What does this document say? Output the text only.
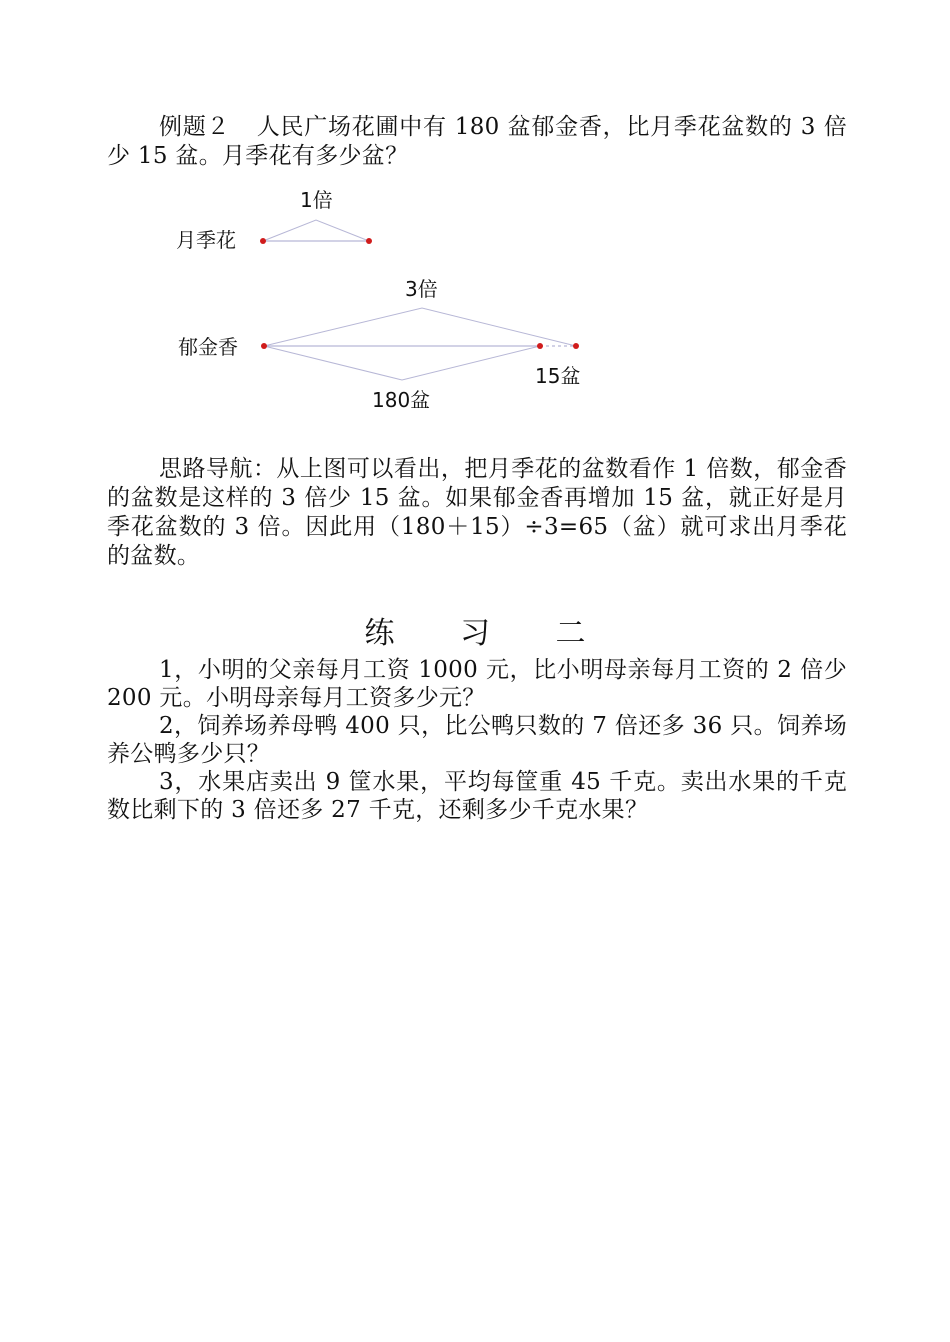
例题２ 人民广场花圃中有 180 盆郁金香，比月季花盆数的 3 倍少 15 盆。月季花有多少盆？

月季花
1倍
3倍
郁金香
15盆
180盆

思路导航：从上图可以看出，把月季花的盆数看作 1 倍数，郁金香的盆数是这样的 3 倍少 15 盆。如果郁金香再增加 15 盆，就正好是月季花盆数的 3 倍。因此用（180＋15）÷3=65（盆）就可求出月季花的盆数。

练 习 二

1，小明的父亲每月工资 1000 元，比小明母亲每月工资的 2 倍少 200 元。小明母亲每月工资多少元？

2，饲养场养母鸭 400 只，比公鸭只数的 7 倍还多 36 只。饲养场养公鸭多少只？

3，水果店卖出 9 筐水果，平均每筐重 45 千克。卖出水果的千克数比剩下的 3 倍还多 27 千克，还剩多少千克水果？
